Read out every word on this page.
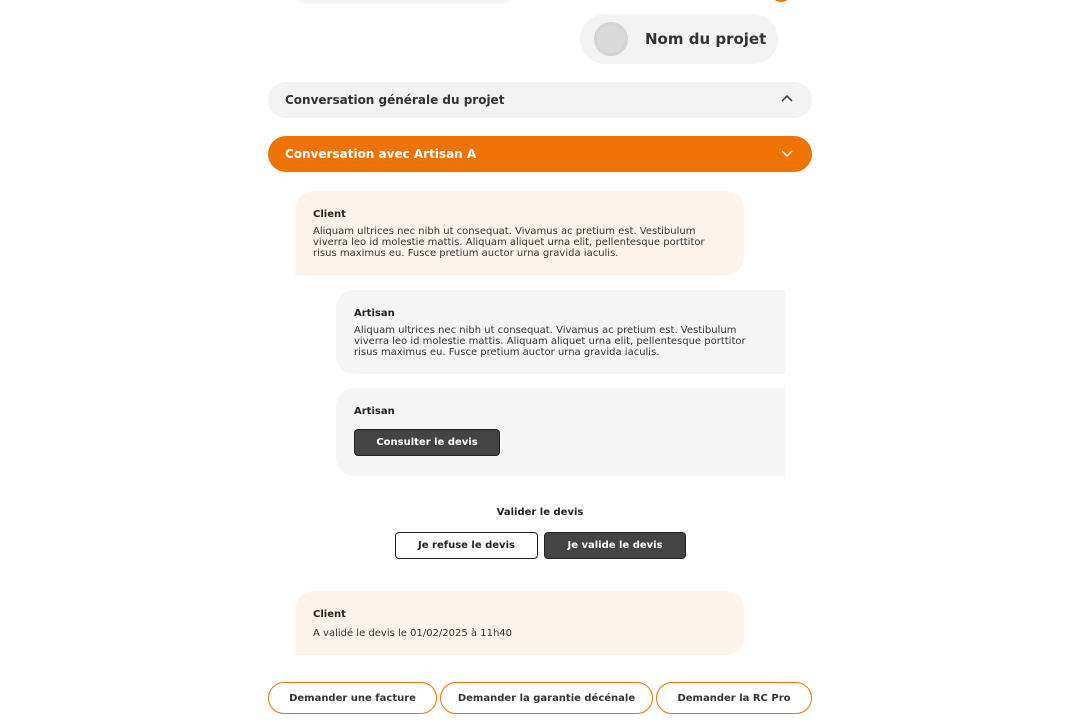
Nom du projet
Conversation générale du projet
Conversation avec Artisan A
Client
Aliquam ultrices nec nibh ut consequat. Vivamus ac pretium est. Vestibulum viverra leo id molestie mattis. Aliquam aliquet urna elit, pellentesque porttitor risus maximus eu. Fusce pretium auctor urna gravida iaculis.
Artisan
Aliquam ultrices nec nibh ut consequat. Vivamus ac pretium est. Vestibulum viverra leo id molestie mattis. Aliquam aliquet urna elit, pellentesque porttitor risus maximus eu. Fusce pretium auctor urna gravida iaculis.
Artisan
Consulter le devis
Valider le devis
Je refuse le devis	Je valide le devis
Client
A validé le devis le 01/02/2025 à 11h40
Demander une facture	Demander la garantie décénale	Demander la RC Pro
